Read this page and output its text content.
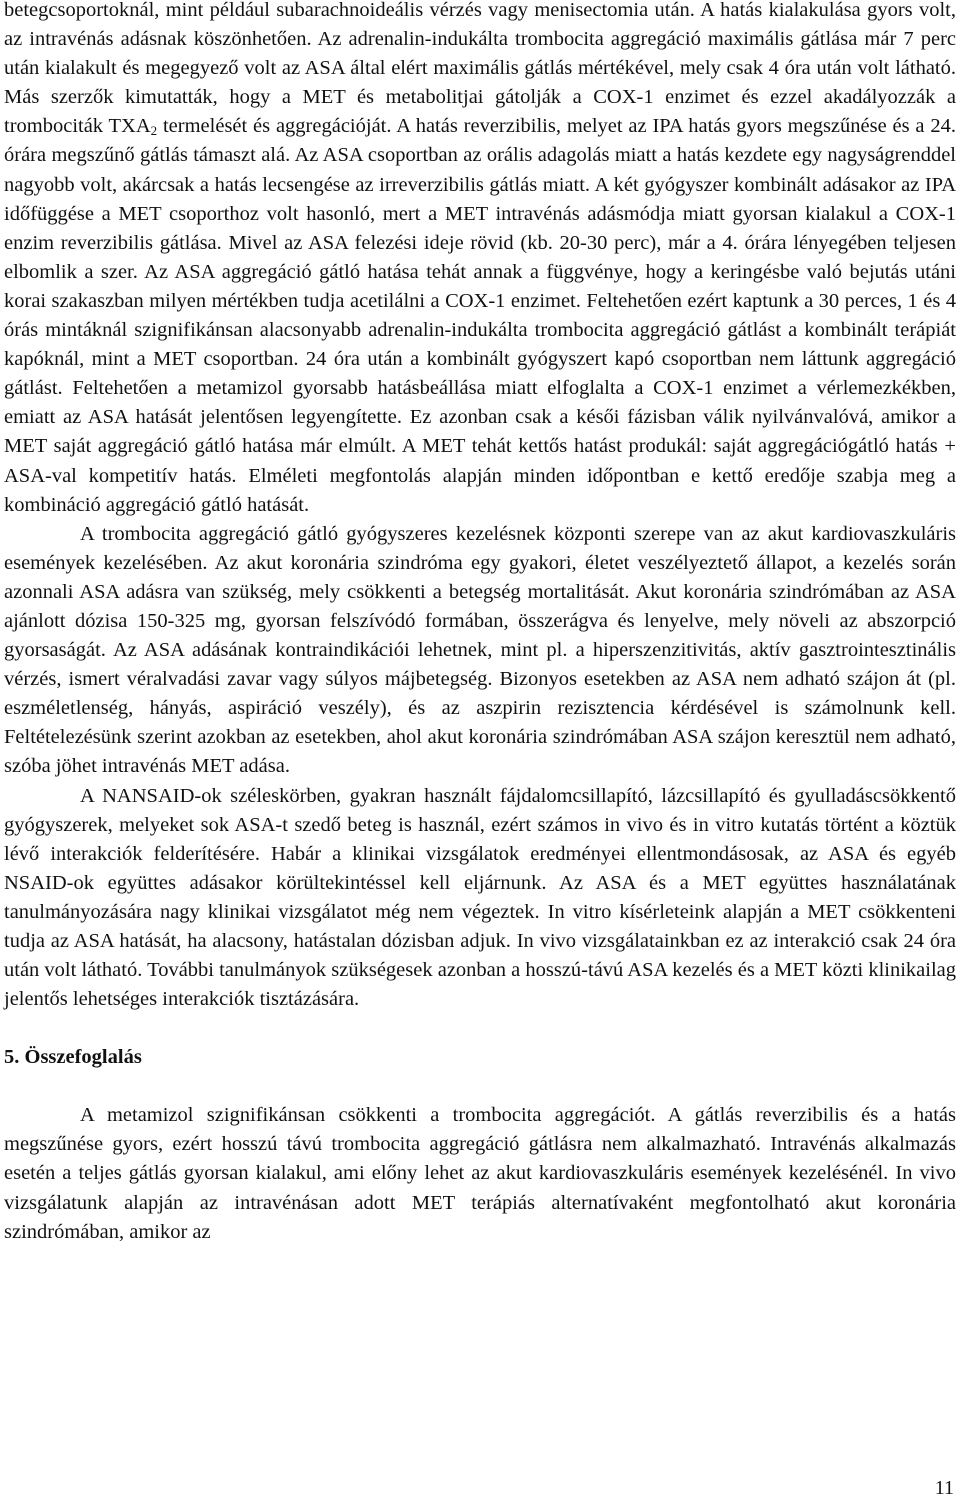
betegcsoportoknál, mint például subarachnoideális vérzés vagy menisectomia után. A hatás kialakulása gyors volt, az intravénás adásnak köszönhetően. Az adrenalin-indukálta trombocita aggregáció maximális gátlása már 7 perc után kialakult és megegyező volt az ASA által elért maximális gátlás mértékével, mely csak 4 óra után volt látható. Más szerzők kimutatták, hogy a MET és metabolitjai gátolják a COX-1 enzimet és ezzel akadályozzák a trombociták $TXA_2$ termelését és aggregációját. A hatás reverzibilis, melyet az IPA hatás gyors megszűnése és a 24. órára megszűnő gátlás támaszt alá. Az ASA csoportban az orális adagolás miatt a hatás kezdete egy nagyságrenddel nagyobb volt, akárcsak a hatás lecsengése az irreverzibilis gátlás miatt. A két gyógyszer kombinált adásakor az IPA időfüggése a MET csoporthoz volt hasonló, mert a MET intravénás adásmódja miatt gyorsan kialakul a COX-1 enzim reverzibilis gátlása. Mivel az ASA felezési ideje rövid (kb. 20-30 perc), már a 4. órára lényegében teljesen elbomlik a szer. Az ASA aggregáció gátló hatása tehát annak a függvénye, hogy a keringésbe való bejutás utáni korai szakaszban milyen mértékben tudja acetilálni a COX-1 enzimet. Feltehetően ezért kaptunk a 30 perces, 1 és 4 órás mintáknál szignifikánsan alacsonyabb adrenalin-indukálta trombocita aggregáció gátlást a kombinált terápiát kapóknál, mint a MET csoportban. 24 óra után a kombinált gyógyszert kapó csoportban nem láttunk aggregáció gátlást. Feltehetően a metamizol gyorsabb hatásbeállása miatt elfoglalta a COX-1 enzimet a vérlemezkékben, emiatt az ASA hatását jelentősen legyengítette. Ez azonban csak a késői fázisban válik nyilvánvalóvá, amikor a MET saját aggregáció gátló hatása már elmúlt. A MET tehát kettős hatást produkál: saját aggregációgátló hatás + ASA-val kompetitív hatás. Elméleti megfontolás alapján minden időpontban e kettő eredője szabja meg a kombináció aggregáció gátló hatását.

A trombocita aggregáció gátló gyógyszeres kezelésnek központi szerepe van az akut kardiovaszkuláris események kezelésében. Az akut koronária szindróma egy gyakori, életet veszélyeztető állapot, a kezelés során azonnali ASA adásra van szükség, mely csökkenti a betegség mortalitását. Akut koronária szindrómában az ASA ajánlott dózisa 150-325 mg, gyorsan felszívódó formában, összerágva és lenyelve, mely növeli az abszorpció gyorsaságát. Az ASA adásának kontraindikációi lehetnek, mint pl. a hiperszenzitivitás, aktív gasztrointesztinális vérzés, ismert véralvadási zavar vagy súlyos májbetegség. Bizonyos esetekben az ASA nem adható szájon át (pl. eszméletlenség, hányás, aspiráció veszély), és az aszpirin rezisztencia kérdésével is számolnunk kell. Feltételezésünk szerint azokban az esetekben, ahol akut koronária szindrómában ASA szájon keresztül nem adható, szóba jöhet intravénás MET adása.

A NANSAID-ok széleskörben, gyakran használt fájdalomcsillapító, lázcsillapító és gyulladáscsökkentő gyógyszerek, melyeket sok ASA-t szedő beteg is használ, ezért számos in vivo és in vitro kutatás történt a köztük lévő interakciók felderítésére. Habár a klinikai vizsgálatok eredményei ellentmondásosak, az ASA és egyéb NSAID-ok együttes adásakor körültekintéssel kell eljárnunk. Az ASA és a MET együttes használatának tanulmányozására nagy klinikai vizsgálatot még nem végeztek. In vitro kísérleteink alapján a MET csökkenteni tudja az ASA hatását, ha alacsony, hatástalan dózisban adjuk. In vivo vizsgálatainkban ez az interakció csak 24 óra után volt látható. További tanulmányok szükségesek azonban a hosszú-távú ASA kezelés és a MET közti klinikailag jelentős lehetséges interakciók tisztázására.

5. Összefoglalás

A metamizol szignifikánsan csökkenti a trombocita aggregációt. A gátlás reverzibilis és a hatás megszűnése gyors, ezért hosszú távú trombocita aggregáció gátlásra nem alkalmazható. Intravénás alkalmazás esetén a teljes gátlás gyorsan kialakul, ami előny lehet az akut kardiovaszkuláris események kezelésénél. In vivo vizsgálatunk alapján az intravénásan adott MET terápiás alternatívaként megfontolható akut koronária szindrómában, amikor az

11
